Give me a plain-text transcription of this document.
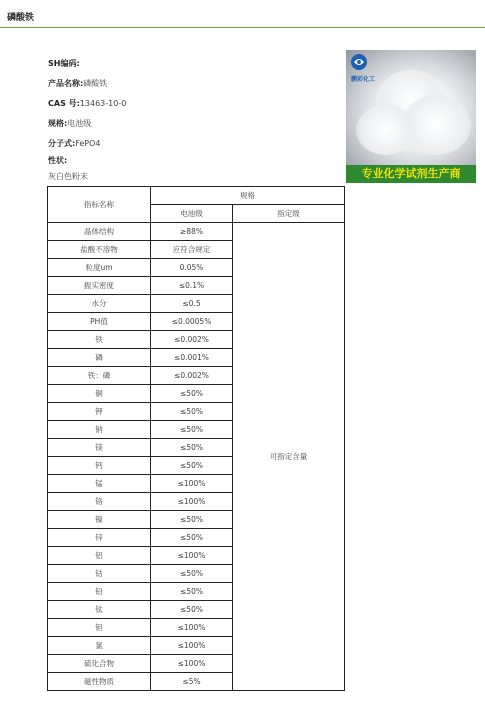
磷酸铁
SH编码:
产品名称:磷酸铁
CAS 号:13463-10-0
规格:电池级
分子式:FePO4
性状:
灰白色粉末
鹏彩化工
专业化学试剂生产商
指标名称	规格	
	电池级	指定级
晶体结构	≥88%	可指定含量
盐酸不溶物	应符合规定	
粒度um	0.05%	
振实密度	≤0.1%	
水分	≤0.5	
PH值	≤0.0005%	
铁	≤0.002%	
磷	≤0.001%	
铁：磷	≤0.002%	
铜	≤50%	
钾	≤50%	
钠	≤50%	
镁	≤50%	
钙	≤50%	
锰	≤100%	
铬	≤100%	
镍	≤50%	
锌	≤50%	
铝	≤100%	
钴	≤50%	
铅	≤50%	
钛	≤50%	
钽	≤100%	
氯	≤100%	
硫化合物	≤100%	
磁性物质	≤5%	
